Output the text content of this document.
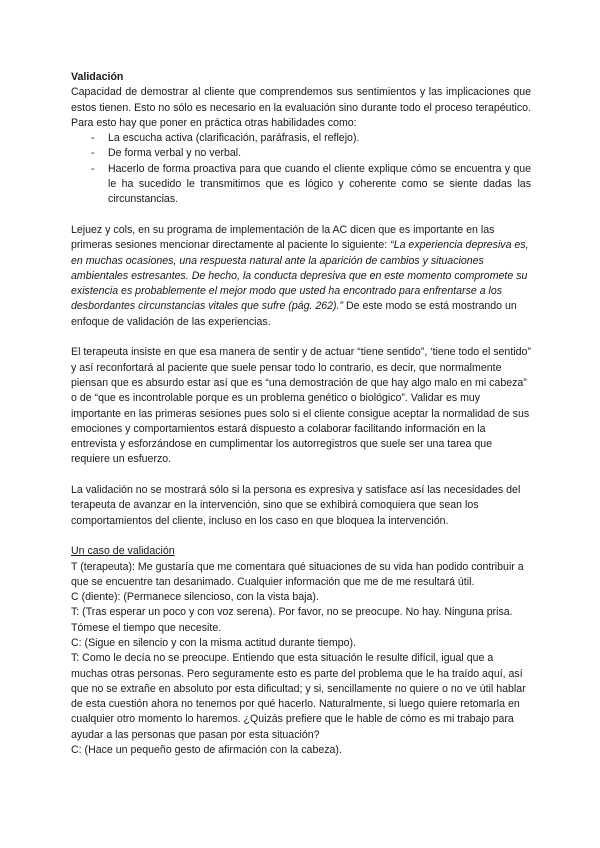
Validación

Capacidad de demostrar al cliente que comprendemos sus sentimientos y las implicaciones que estos tienen. Esto no sólo es necesario en la evaluación sino durante todo el proceso terapéutico. Para esto hay que poner en práctica otras habilidades como:

- La escucha activa (clarificación, paráfrasis, el reflejo).
- De forma verbal y no verbal.
- Hacerlo de forma proactiva para que cuando el cliente explique cómo se encuentra y que le ha sucedido le transmitimos que es lógico y coherente como se siente dadas las circunstancias.

Lejuez y cols, en su programa de implementación de la AC dicen que es importante en las primeras sesiones mencionar directamente al paciente lo siguiente: “La experiencia depresiva es, en muchas ocasiones, una respuesta natural ante la aparición de cambios y situaciones ambientales estresantes. De hecho, la conducta depresiva que en este momento compromete su existencia es probablemente el mejor modo que usted ha encontrado para enfrentarse a los desbordantes circunstancias vitales que sufre (pág. 262).” De este modo se está mostrando un enfoque de validación de las experiencias.

El terapeuta insiste en que esa manera de sentir y de actuar “tiene sentido”, ‘tiene todo el sentido” y así reconfortará al paciente que suele pensar todo lo contrario, es decir, que normalmente piensan que es absurdo estar así que es “una demostración de que hay algo malo en mi cabeza” o de “que es incontrolable porque es un problema genético o biológico”. Validar es muy importante en las primeras sesiones pues solo si el cliente consigue aceptar la normalidad de sus emociones y comportamientos estará dispuesto a colaborar facilitando información en la entrevista y esforzándose en cumplimentar los autorregistros que suele ser una tarea que requiere un esfuerzo.

La validación no se mostrará sólo si la persona es expresiva y satisface así las necesidades del terapeuta de avanzar en la intervención, sino que se exhibirá comoquiera que sean los comportamientos del cliente, incluso en los caso en que bloquea la intervención.

Un caso de validación

T (terapeuta): Me gustaría que me comentara qué situaciones de su vida han podido contribuir a que se encuentre tan desanimado. Cualquier información que me de me resultará útil.

C (diente): (Permanece silencioso, con la vista baja).

T: (Tras esperar un poco y con voz serena). Por favor, no se preocupe. No hay. Ninguna prisa. Tómese el tiempo que necesite.

C: (Sigue en silencio y con la misma actitud durante tiempo).

T: Como le decía no se preocupe. Entiendo que esta situación le resulte difícil, igual que a muchas otras personas. Pero seguramente esto es parte del problema que le ha traído aquí, así que no se extrañe en absoluto por esta dificultad; y si, sencillamente no quiere o no ve útil hablar de esta cuestión ahora no tenemos por qué hacerlo. Naturalmente, si luego quiere retomarla en cualquier otro momento lo haremos. ¿Quizás prefiere que le hable de cómo es mi trabajo para ayudar a las personas que pasan por esta situación?

C: (Hace un pequeño gesto de afirmación con la cabeza).
